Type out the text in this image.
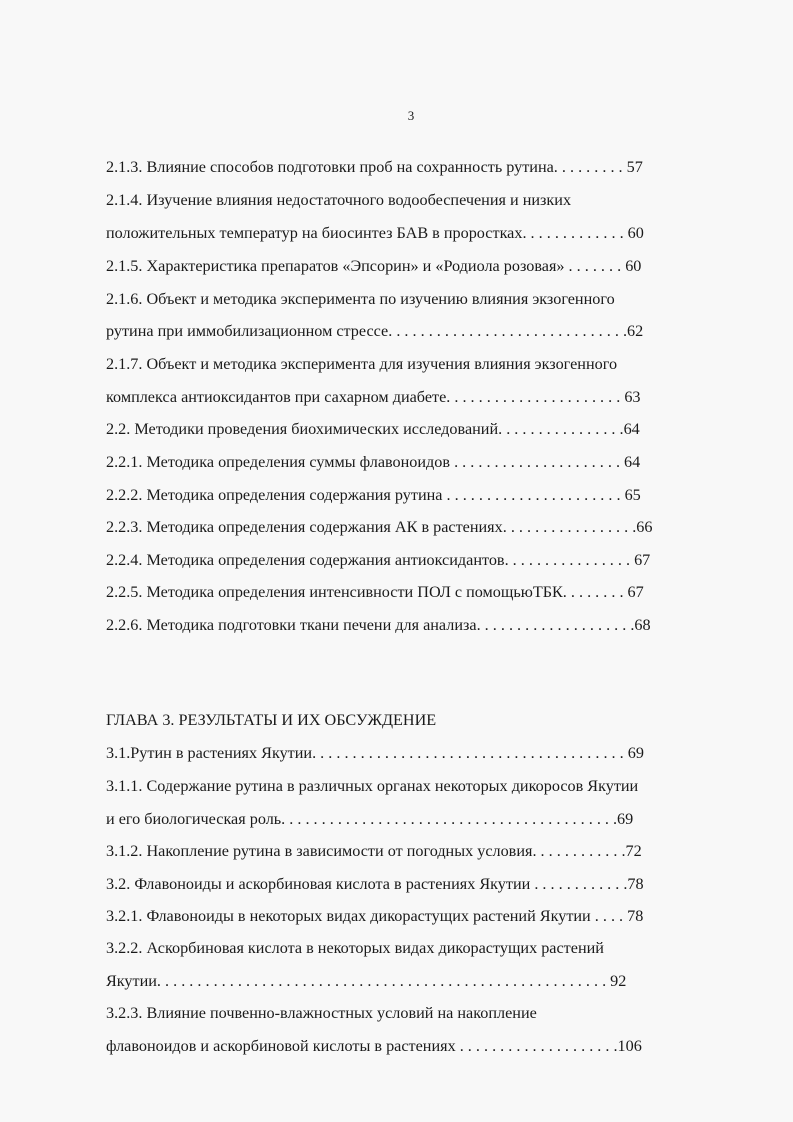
3
2.1.3. Влияние способов подготовки проб на сохранность рутина. . . . . . . . . 57
2.1.4. Изучение влияния недостаточного водообеспечения и низких
положительных температур на биосинтез БАВ в проростках. . . . . . . . . . . . . 60
2.1.5. Характеристика препаратов «Эпсорин» и «Родиола розовая» . . . . . . . 60
2.1.6. Объект и методика эксперимента по изучению влияния экзогенного
рутина при иммобилизационном стрессе. . . . . . . . . . . . . . . . . . . . . . . . . . . . . .62
2.1.7. Объект и методика эксперимента для изучения влияния экзогенного
комплекса антиоксидантов при сахарном диабете. . . . . . . . . . . . . . . . . . . . . . 63
2.2. Методики проведения биохимических исследований. . . . . . . . . . . . . . . .64
2.2.1. Методика определения суммы флавоноидов . . . . . . . . . . . . . . . . . . . . . 64
2.2.2. Методика определения содержания рутина . . . . . . . . . . . . . . . . . . . . . . 65
2.2.3. Методика определения содержания АК в растениях. . . . . . . . . . . . . . . . .66
2.2.4. Методика определения содержания антиоксидантов. . . . . . . . . . . . . . . . 67
2.2.5. Методика определения интенсивности ПОЛ с помощьюТБК. . . . . . . . 67
2.2.6. Методика подготовки ткани печени для анализа. . . . . . . . . . . . . . . . . . . .68
ГЛАВА 3. РЕЗУЛЬТАТЫ И ИХ ОБСУЖДЕНИЕ
3.1.Рутин в растениях Якутии. . . . . . . . . . . . . . . . . . . . . . . . . . . . . . . . . . . . . . . 69
3.1.1. Содержание рутина в различных органах некоторых дикоросов Якутии
и его биологическая роль. . . . . . . . . . . . . . . . . . . . . . . . . . . . . . . . . . . . . . . . . .69
3.1.2. Накопление рутина в зависимости от погодных условия. . . . . . . . . . . .72
3.2. Флавоноиды и аскорбиновая кислота в растениях Якутии . . . . . . . . . . . .78
3.2.1. Флавоноиды в некоторых видах дикорастущих растений Якутии . . . . 78
3.2.2. Аскорбиновая кислота в некоторых видах дикорастущих растений
Якутии. . . . . . . . . . . . . . . . . . . . . . . . . . . . . . . . . . . . . . . . . . . . . . . . . . . . . . . . 92
3.2.3. Влияние почвенно-влажностных условий на накопление
флавоноидов и аскорбиновой кислоты в растениях . . . . . . . . . . . . . . . . . . . .106
